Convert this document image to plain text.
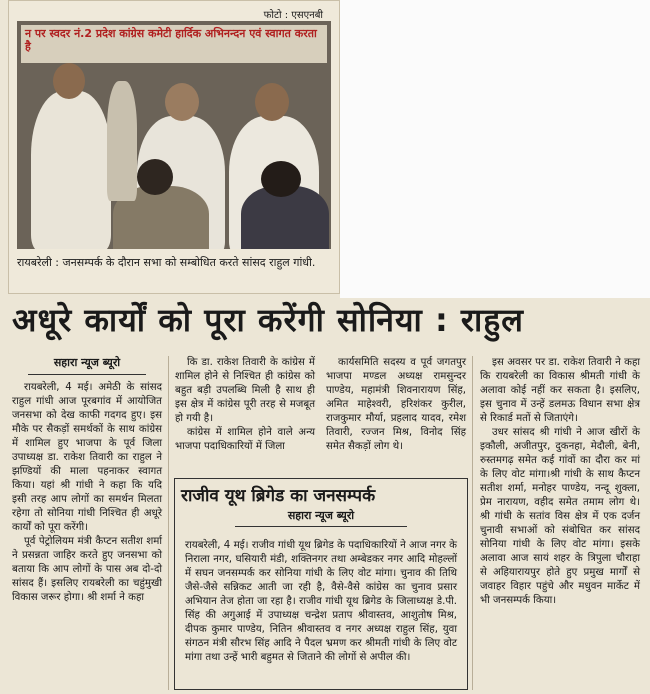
फोटो : एसएनबी
न पर स्वदर नं.2 प्रदेश कांग्रेस कमेटी हार्दिक अभिनन्दन एवं स्वागत करता है
रायबरेली : जनसम्पर्क के दौरान सभा को सम्बोधित करते सांसद राहुल गांधी.
अधूरे कार्यों को पूरा करेंगी सोनिया : राहुल
सहारा न्यूज ब्यूरो

रायबरेली, 4 मई। अमेठी के सांसद राहुल गांधी आज पूरबगांव में आयोजित जनसभा को देख काफी गदगद हुए। इस मौके पर सैकड़ों समर्थकों के साथ कांग्रेस में शामिल हुए भाजपा के पूर्व जिला उपाध्यक्ष डा. राकेश तिवारी का राहुल ने झण्डियों की माला पहनाकर स्वागत किया। यहां श्री गांधी ने कहा कि यदि इसी तरह आप लोगों का समर्थन मिलता रहेगा तो सोनिया गांधी निश्चित ही अधूरे कार्यों को पूरा करेंगी।

पूर्व पेट्रोलियम मंत्री कैप्टन सतीश शर्मा ने प्रसन्नता जाहिर करते हुए जनसभा को बताया कि आप लोगों के पास अब दो-दो सांसद हैं। इसलिए रायबरेली का चहुंमुखी विकास जरूर होगा। श्री शर्मा ने कहा

कि डा. राकेश तिवारी के कांग्रेस में शामिल होने से निश्चित ही कांग्रेस को बहुत बड़ी उपलब्धि मिली है साथ ही इस क्षेत्र में कांग्रेस पूरी तरह से मजबूत हो गयी है।

कांग्रेस में शामिल होने वाले अन्य भाजपा पदाधिकारियों में जिला

कार्यसमिति सदस्य व पूर्व जगतपुर भाजपा मण्डल अध्यक्ष रामसुन्दर पाण्डेय, महामंत्री शिवनारायण सिंह, अमित माहेश्वरी, हरिशंकर कुरील, राजकुमार मौर्या, प्रहलाद यादव, रमेश तिवारी, रज्जन मिश्र, विनोद सिंह समेत सैकड़ों लोग थे।

इस अवसर पर डा. राकेश तिवारी ने कहा कि रायबरेली का विकास श्रीमती गांधी के अलावा कोई नहीं कर सकता है। इसलिए, इस चुनाव में उन्हें डलमऊ विधान सभा क्षेत्र से रिकार्ड मतों से जिताएंगे।

उधर सांसद श्री गांधी ने आज खीरों के इकौली, अजीतपुर, दुकनहा, मेदौली, बेनी, रुस्तमगढ़ समेत कई गांवों का दौरा कर मां के लिए वोट मांगा।श्री गांधी के साथ कैप्टन सतीश शर्मा, मनोहर पाण्डेय, नन्दू शुक्ला, प्रेम नारायण, वहीद समेत तमाम लोग थे। श्री गांधी के सतांव विस क्षेत्र में एक दर्जन चुनावी सभाओं को संबोधित कर सांसद सोनिया गांधी के लिए वोट मांगा। इसके अलावा आज सायं शहर के त्रिपुला चौराहा से अहियारायपुर होते हुए प्रमुख मार्गों से जवाहर विहार पहुंचे और मधुवन मार्केट में भी जनसम्पर्क किया।

राजीव यूथ ब्रिगेड का जनसम्पर्क
सहारा न्यूज ब्यूरो
रायबरेली, 4 मई। राजीव गांधी यूथ ब्रिगेड के पदाधिकारियों ने आज नगर के निराला नगर, घसियारी मंडी, शक्तिनगर तथा अम्बेडकर नगर आदि मोहल्लों में सघन जनसम्पर्क कर सोनिया गांधी के लिए वोट मांगा। चुनाव की तिथि जैसे-जैसे सन्निकट आती जा रही है, वैसे-वैसे कांग्रेस का चुनाव प्रसार अभियान तेज होता जा रहा है। राजीव गांधी यूथ ब्रिगेड के जिलाध्यक्ष डे.पी. सिंह की अगुआई में उपाध्यक्ष चन्द्रेश प्रताप श्रीवास्तव, आशुतोष मिश्र, दीपक कुमार पाण्डेय, नितिन श्रीवास्तव व नगर अध्यक्ष राहुल सिंह, युवा संगठन मंत्री सौरभ सिंह आदि ने पैदल भ्रमण कर श्रीमती गांधी के लिए वोट मांगा तथा उन्हें भारी बहुमत से जिताने की लोगों से अपील की।
